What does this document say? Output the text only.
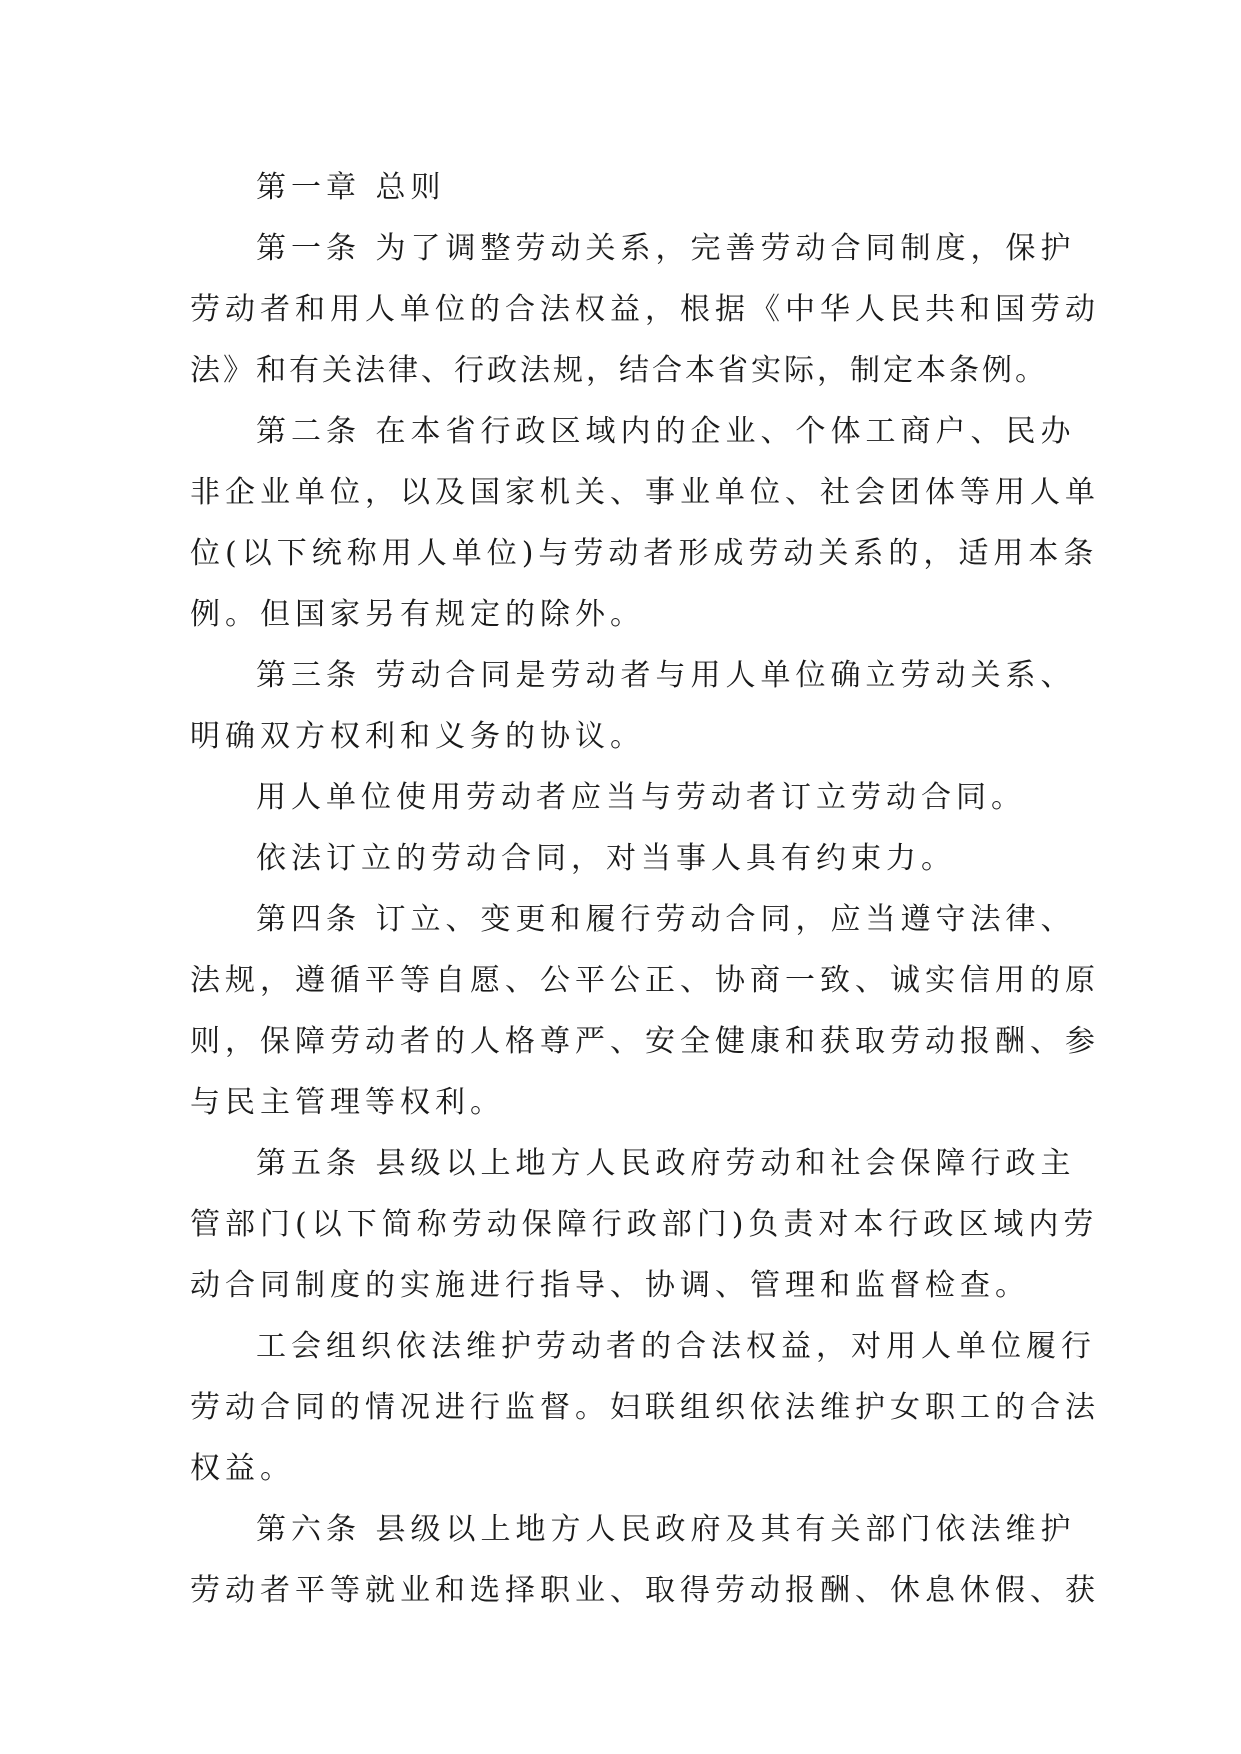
第一章 总则

第一条 为了调整劳动关系，完善劳动合同制度，保护
劳动者和用人单位的合法权益，根据《中华人民共和国劳动
法》和有关法律、行政法规，结合本省实际，制定本条例。

第二条 在本省行政区域内的企业、个体工商户、民办
非企业单位，以及国家机关、事业单位、社会团体等用人单
位(以下统称用人单位)与劳动者形成劳动关系的，适用本条
例。但国家另有规定的除外。

第三条 劳动合同是劳动者与用人单位确立劳动关系、
明确双方权利和义务的协议。

用人单位使用劳动者应当与劳动者订立劳动合同。

依法订立的劳动合同，对当事人具有约束力。

第四条 订立、变更和履行劳动合同，应当遵守法律、
法规，遵循平等自愿、公平公正、协商一致、诚实信用的原
则，保障劳动者的人格尊严、安全健康和获取劳动报酬、参
与民主管理等权利。

第五条 县级以上地方人民政府劳动和社会保障行政主
管部门(以下简称劳动保障行政部门)负责对本行政区域内劳
动合同制度的实施进行指导、协调、管理和监督检查。

工会组织依法维护劳动者的合法权益，对用人单位履行
劳动合同的情况进行监督。妇联组织依法维护女职工的合法
权益。

第六条 县级以上地方人民政府及其有关部门依法维护
劳动者平等就业和选择职业、取得劳动报酬、休息休假、获
